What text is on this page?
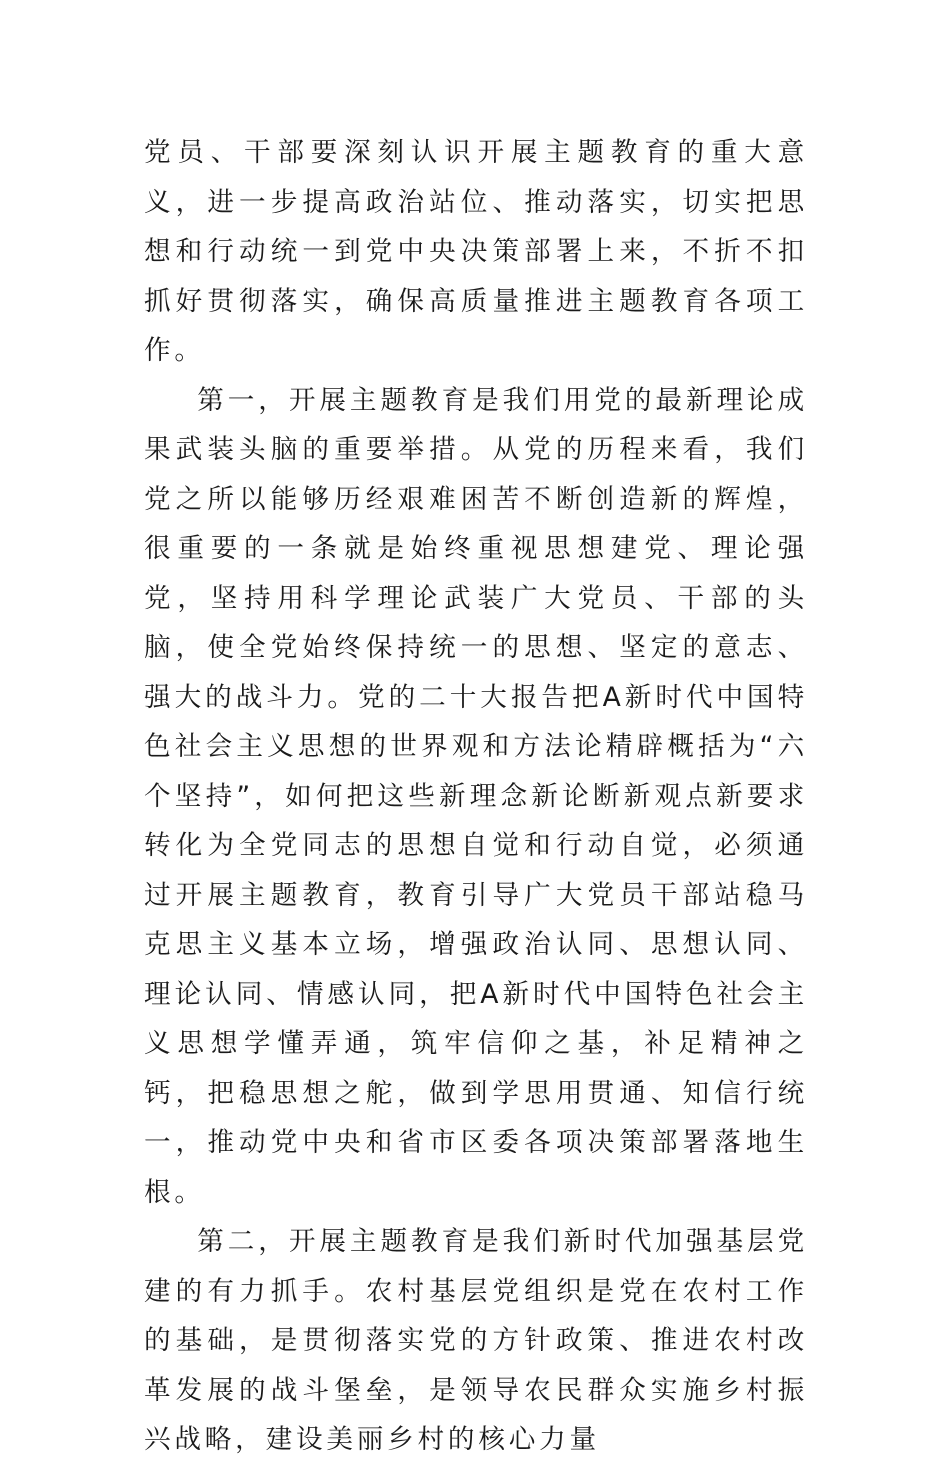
党员、干部要深刻认识开展主题教育的重大意义，进一步提高政治站位、推动落实，切实把思想和行动统一到党中央决策部署上来，不折不扣抓好贯彻落实，确保高质量推进主题教育各项工作。

第一，开展主题教育是我们用党的最新理论成果武装头脑的重要举措。从党的历程来看，我们党之所以能够历经艰难困苦不断创造新的辉煌，很重要的一条就是始终重视思想建党、理论强党，坚持用科学理论武装广大党员、干部的头脑，使全党始终保持统一的思想、坚定的意志、强大的战斗力。党的二十大报告把A新时代中国特色社会主义思想的世界观和方法论精辟概括为“六个坚持”，如何把这些新理念新论断新观点新要求转化为全党同志的思想自觉和行动自觉，必须通过开展主题教育，教育引导广大党员干部站稳马克思主义基本立场，增强政治认同、思想认同、理论认同、情感认同，把A新时代中国特色社会主义思想学懂弄通，筑牢信仰之基，补足精神之钙，把稳思想之舵，做到学思用贯通、知信行统一，推动党中央和省市区委各项决策部署落地生根。

第二，开展主题教育是我们新时代加强基层党建的有力抓手。农村基层党组织是党在农村工作的基础，是贯彻落实党的方针政策、推进农村改革发展的战斗堡垒，是领导农民群众实施乡村振兴战略，建设美丽乡村的核心力量
